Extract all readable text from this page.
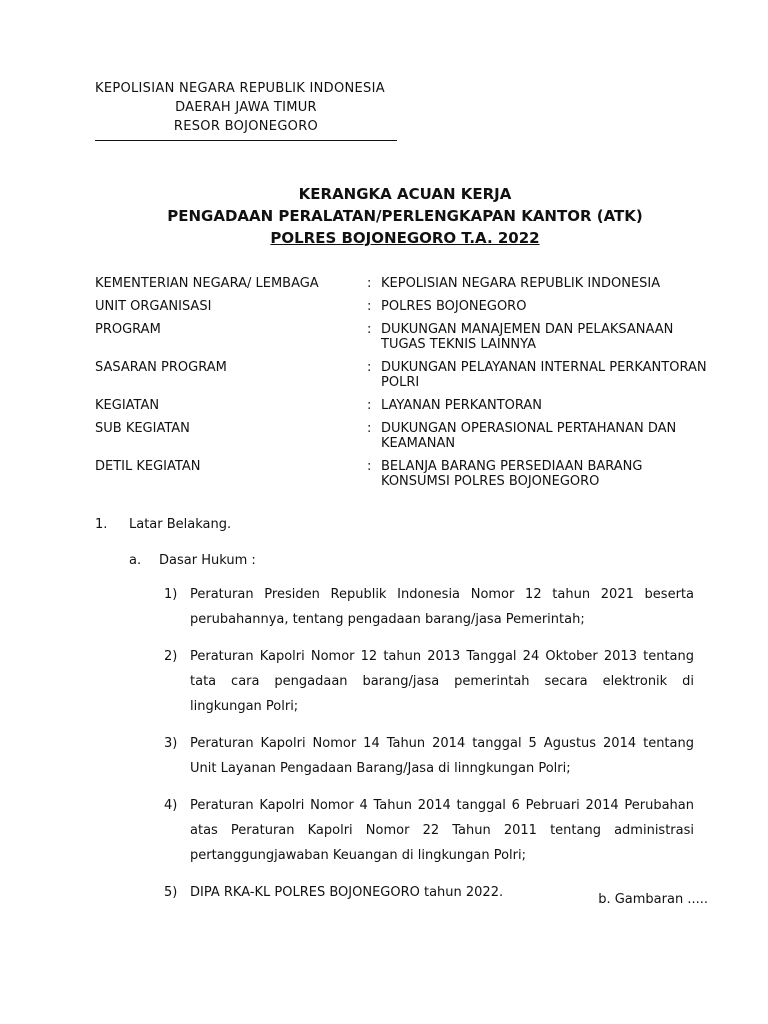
KEPOLISIAN NEGARA REPUBLIK INDONESIA
DAERAH JAWA TIMUR
RESOR BOJONEGORO
KERANGKA ACUAN KERJA
PENGADAAN PERALATAN/PERLENGKAPAN KANTOR (ATK)
POLRES BOJONEGORO T.A. 2022
KEMENTERIAN NEGARA/ LEMBAGA	: KEPOLISIAN NEGARA REPUBLIK INDONESIA
UNIT ORGANISASI	: POLRES BOJONEGORO
PROGRAM	: DUKUNGAN MANAJEMEN DAN PELAKSANAAN TUGAS TEKNIS LAINNYA
SASARAN PROGRAM	: DUKUNGAN PELAYANAN INTERNAL PERKANTORAN POLRI
KEGIATAN	: LAYANAN PERKANTORAN
SUB KEGIATAN	: DUKUNGAN OPERASIONAL PERTAHANAN DAN KEAMANAN
DETIL KEGIATAN	: BELANJA BARANG PERSEDIAAN BARANG KONSUMSI POLRES BOJONEGORO
1. Latar Belakang.
a. Dasar Hukum :
1) Peraturan Presiden Republik Indonesia Nomor 12 tahun 2021 beserta perubahannya, tentang pengadaan barang/jasa Pemerintah;
2) Peraturan Kapolri Nomor 12 tahun 2013 Tanggal 24 Oktober 2013 tentang tata cara pengadaan barang/jasa pemerintah secara elektronik di lingkungan Polri;
3) Peraturan Kapolri Nomor 14 Tahun 2014 tanggal 5 Agustus 2014 tentang Unit Layanan Pengadaan Barang/Jasa di linngkungan Polri;
4) Peraturan Kapolri Nomor 4 Tahun 2014 tanggal 6 Pebruari 2014 Perubahan atas Peraturan Kapolri Nomor 22 Tahun 2011 tentang administrasi pertanggungjawaban Keuangan di lingkungan Polri;
5) DIPA RKA-KL POLRES BOJONEGORO tahun 2022.	b. Gambaran .....
